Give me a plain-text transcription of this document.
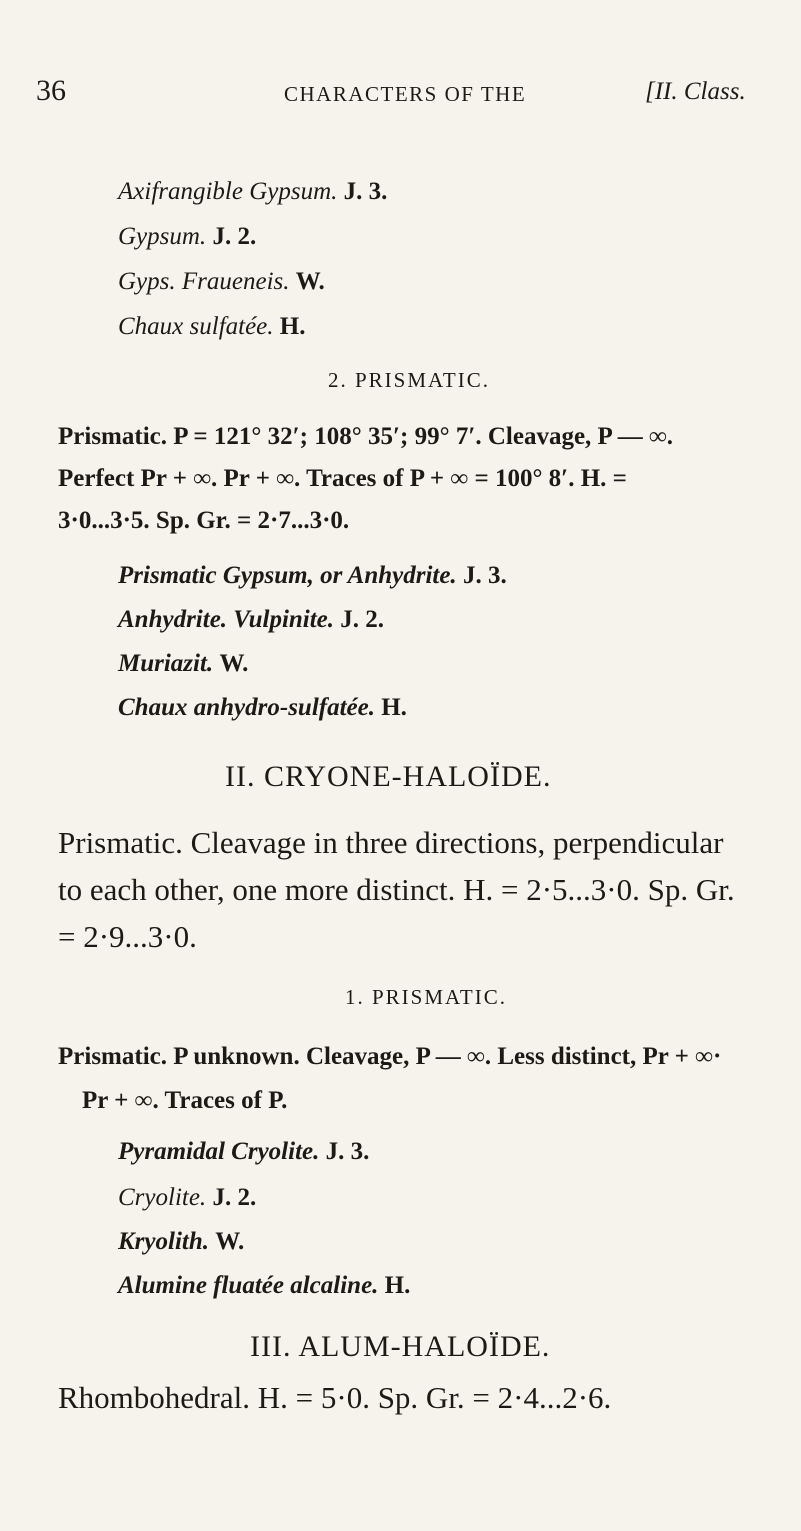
36	CHARACTERS OF THE	[II. Class.
Axifrangible Gypsum. J. 3.
Gypsum. J. 2.
Gyps. Fraueneis. W.
Chaux sulfatée. H.
2. PRISMATIC.
Prismatic. P = 121° 32′; 108° 35′; 99° 7′. Cleavage, P — ∞.
Perfect Pr + ∞. Pr + ∞. Traces of P + ∞ = 100° 8′. H. =
3·0...3·5. Sp. Gr. = 2·7...3·0.
Prismatic Gypsum, or Anhydrite. J. 3.
Anhydrite. Vulpinite. J. 2.
Muriazit. W.
Chaux anhydro-sulfatée. H.
II. CRYONE-HALOÏDE.
Prismatic. Cleavage in three directions, perpendicular
to each other, one more distinct. H. = 2·5...3·0. Sp. Gr.
= 2·9...3·0.
1. PRISMATIC.
Prismatic. P unknown. Cleavage, P — ∞. Less distinct, Pr + ∞·
Pr + ∞. Traces of P.
Pyramidal Cryolite. J. 3.
Cryolite. J. 2.
Kryolith. W.
Alumine fluatée alcaline. H.
III. ALUM-HALOÏDE.
Rhombohedral. H. = 5·0. Sp. Gr. = 2·4...2·6.
